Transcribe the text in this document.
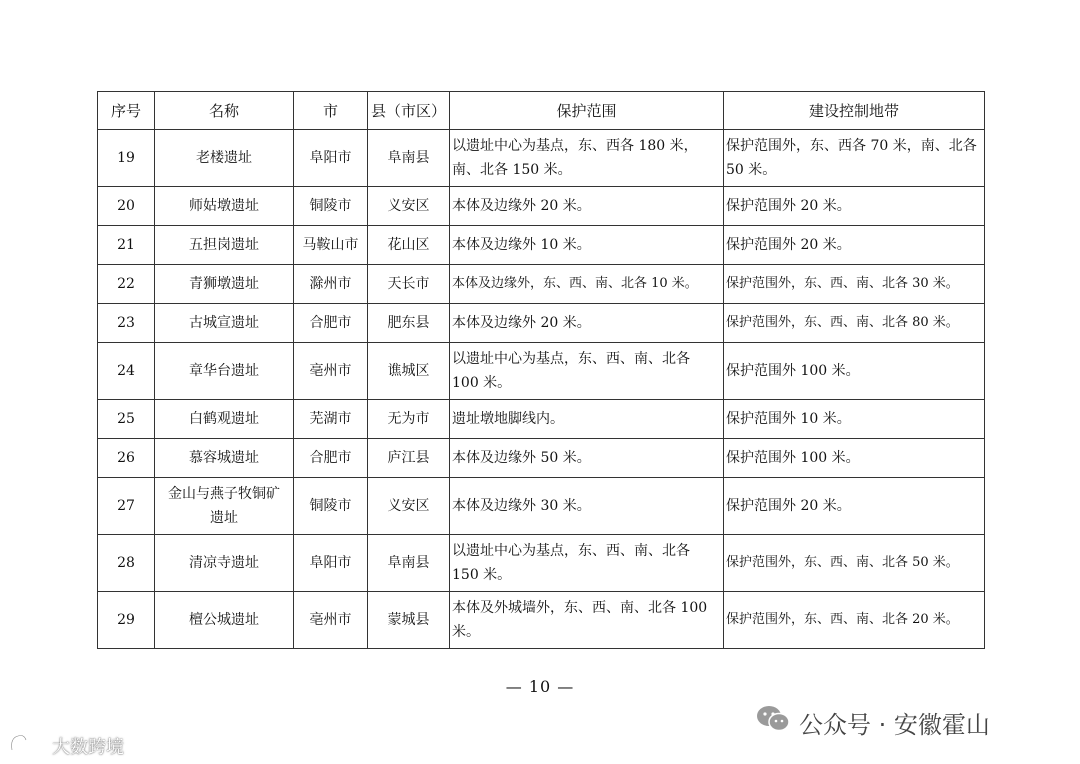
序号	名称	市	县（市区）	保护范围	建设控制地带
19	老楼遗址	阜阳市	阜南县	以遗址中心为基点，东、西各 180 米，南、北各 150 米。	保护范围外，东、西各 70 米，南、北各 50 米。
20	师姑墩遗址	铜陵市	义安区	本体及边缘外 20 米。	保护范围外 20 米。
21	五担岗遗址	马鞍山市	花山区	本体及边缘外 10 米。	保护范围外 20 米。
22	青狮墩遗址	滁州市	天长市	本体及边缘外，东、西、南、北各 10 米。	保护范围外，东、西、南、北各 30 米。
23	古城宣遗址	合肥市	肥东县	本体及边缘外 20 米。	保护范围外，东、西、南、北各 80 米。
24	章华台遗址	亳州市	谯城区	以遗址中心为基点，东、西、南、北各 100 米。	保护范围外 100 米。
25	白鹤观遗址	芜湖市	无为市	遗址墩地脚线内。	保护范围外 10 米。
26	慕容城遗址	合肥市	庐江县	本体及边缘外 50 米。	保护范围外 100 米。
27	金山与燕子牧铜矿遗址	铜陵市	义安区	本体及边缘外 30 米。	保护范围外 20 米。
28	清凉寺遗址	阜阳市	阜南县	以遗址中心为基点，东、西、南、北各 150 米。	保护范围外，东、西、南、北各 50 米。
29	檀公城遗址	亳州市	蒙城县	本体及外城墙外，东、西、南、北各 100 米。	保护范围外，东、西、南、北各 20 米。
— 10 —
公众号 · 安徽霍山
大数跨境
